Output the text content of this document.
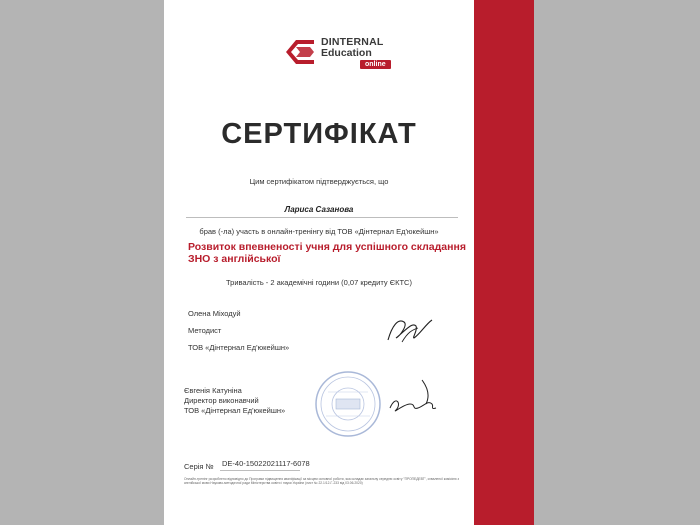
DINTERNAL
Education
online
СЕРТИФІКАТ
Цим сертифікатом підтверджується, що
Лариса Сазанова
брав (-ла) участь в онлайн-тренінгу від ТОВ «Дінтернал Ед'юкейшн»
Розвиток впевненості учня для успішного складання ЗНО з англійської
Тривалість - 2 академічні години (0,07 кредиту ЄКТС)
Олена Міходуй
Методист
ТОВ «Дінтернал Ед'юкейшн»
Євгенія Катуніна
Директор виконавчий
ТОВ «Дінтернал Ед'юкейшн»
Серія № DE-40-15022021117-6078
Онлайн-тренінг розроблено відповідно до Програми підвищення кваліфікації за місцем основної роботи, яка складає загальну середню освіту "ПРОПЕДЕВТ", схваленої комісією з англійської мови Науково-методичної ради Міністерства освіти і науки України (лист № 22.1/12-Г-233 від 03.06.2020)
